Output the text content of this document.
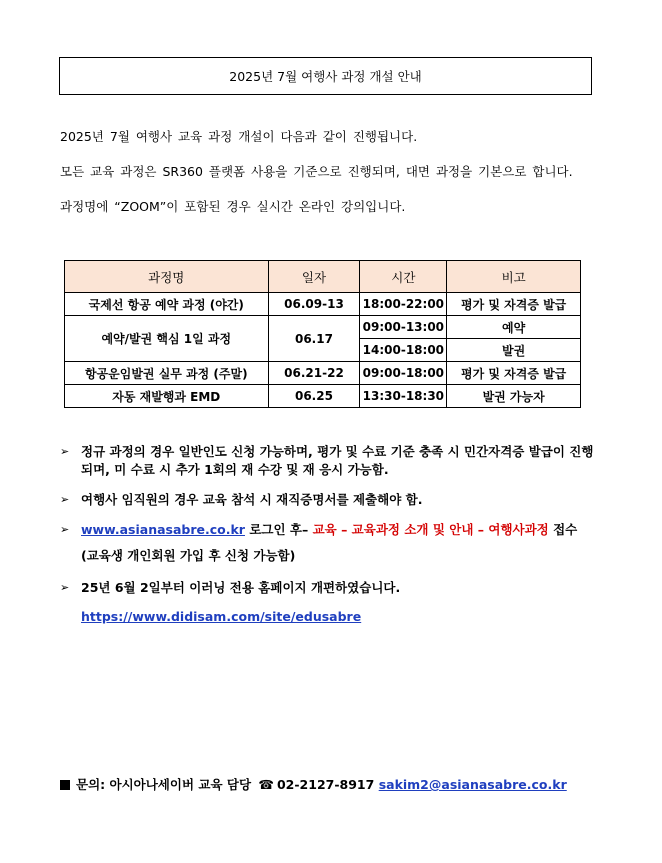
2025년 7월 여행사 과정 개설 안내

2025년 7월 여행사 교육 과정 개설이 다음과 같이 진행됩니다.

모든 교육 과정은 SR360 플랫폼 사용을 기준으로 진행되며, 대면 과정을 기본으로 합니다.

과정명에 “ZOOM”이 포함된 경우 실시간 온라인 강의입니다.

과정명	일자	시간	비고
국제선 항공 예약 과정 (야간)	06.09-13	18:00-22:00	평가 및 자격증 발급
예약/발권 핵심 1일 과정	06.17	09:00-13:00	예약
		14:00-18:00	발권
항공운임발권 실무 과정 (주말)	06.21-22	09:00-18:00	평가 및 자격증 발급
자동 재발행과 EMD	06.25	13:30-18:30	발권 가능자
➢ 정규 과정의 경우 일반인도 신청 가능하며, 평가 및 수료 기준 충족 시 민간자격증 발급이 진행되며, 미 수료 시 추가 1회의 재 수강 및 재 응시 가능함.
➢ 여행사 임직원의 경우 교육 참석 시 재직증명서를 제출해야 함.
➢ www.asianasabre.co.kr 로그인 후– 교육 – 교육과정 소개 및 안내 – 여행사과정 접수
(교육생 개인회원 가입 후 신청 가능함)
➢ 25년 6월 2일부터 이러닝 전용 홈페이지 개편하였습니다.
https://www.didisam.com/site/edusabre
문의: 아시아나세이버 교육 담당 ☎ 02-2127-8917 sakim2@asianasabre.co.kr
